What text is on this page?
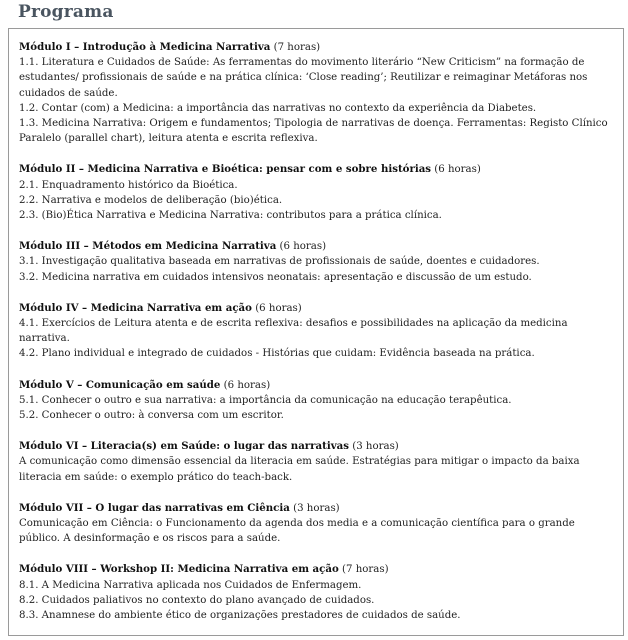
Programa
Módulo I – Introdução à Medicina Narrativa (7 horas)
1.1. Literatura e Cuidados de Saúde: As ferramentas do movimento literário “New Criticism” na formação de estudantes/ profissionais de saúde e na prática clínica: ‘Close reading’; Reutilizar e reimaginar Metáforas nos cuidados de saúde.
1.2. Contar (com) a Medicina: a importância das narrativas no contexto da experiência da Diabetes.
1.3. Medicina Narrativa: Origem e fundamentos; Tipologia de narrativas de doença. Ferramentas: Registo Clínico Paralelo (parallel chart), leitura atenta e escrita reflexiva.
Módulo II – Medicina Narrativa e Bioética: pensar com e sobre histórias (6 horas)
2.1. Enquadramento histórico da Bioética.
2.2. Narrativa e modelos de deliberação (bio)ética.
2.3. (Bio)Ética Narrativa e Medicina Narrativa: contributos para a prática clínica.
Módulo III – Métodos em Medicina Narrativa (6 horas)
3.1. Investigação qualitativa baseada em narrativas de profissionais de saúde, doentes e cuidadores.
3.2. Medicina narrativa em cuidados intensivos neonatais: apresentação e discussão de um estudo.
Módulo IV – Medicina Narrativa em ação (6 horas)
4.1. Exercícios de Leitura atenta e de escrita reflexiva: desafios e possibilidades na aplicação da medicina narrativa.
4.2. Plano individual e integrado de cuidados - Histórias que cuidam: Evidência baseada na prática.
Módulo V – Comunicação em saúde (6 horas)
5.1. Conhecer o outro e sua narrativa: a importância da comunicação na educação terapêutica.
5.2. Conhecer o outro: à conversa com um escritor.
Módulo VI – Literacia(s) em Saúde: o lugar das narrativas (3 horas)
A comunicação como dimensão essencial da literacia em saúde. Estratégias para mitigar o impacto da baixa literacia em saúde: o exemplo prático do teach-back.
Módulo VII – O lugar das narrativas em Ciência (3 horas)
Comunicação em Ciência: o Funcionamento da agenda dos media e a comunicação científica para o grande público. A desinformação e os riscos para a saúde.
Módulo VIII – Workshop II: Medicina Narrativa em ação (7 horas)
8.1. A Medicina Narrativa aplicada nos Cuidados de Enfermagem.
8.2. Cuidados paliativos no contexto do plano avançado de cuidados.
8.3. Anamnese do ambiente ético de organizações prestadores de cuidados de saúde.
